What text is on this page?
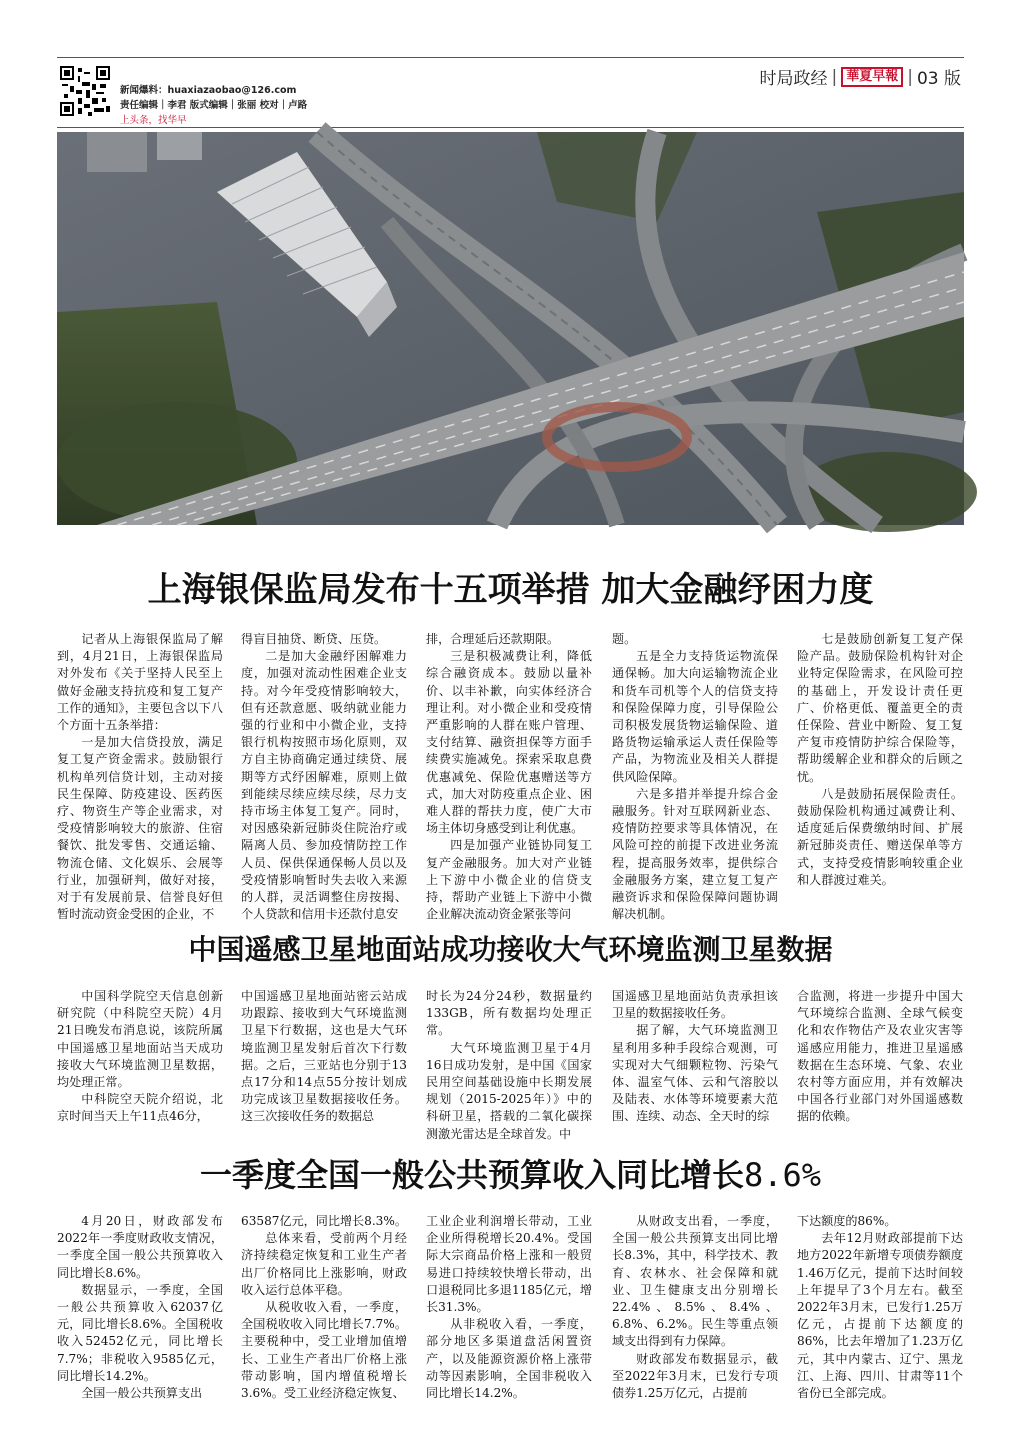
新闻爆料：huaxiazaobao@126.com
责任编辑｜李君 版式编辑｜张丽 校对｜卢路
上头条，找华早
时局政经 | 華夏早報 | 03 版
上海银保监局发布十五项举措 加大金融纾困力度

记者从上海银保监局了解到，4月21日，上海银保监局对外发布《关于坚持人民至上 做好金融支持抗疫和复工复产工作的通知》，主要包含以下八个方面十五条举措：

一是加大信贷投放，满足复工复产资金需求。鼓励银行机构单列信贷计划，主动对接民生保障、防疫建设、医药医疗、物资生产等企业需求，对受疫情影响较大的旅游、住宿餐饮、批发零售、交通运输、物流仓储、文化娱乐、会展等行业，加强研判，做好对接，对于有发展前景、信誉良好但暂时流动资金受困的企业，不

得盲目抽贷、断贷、压贷。

二是加大金融纾困解难力度，加强对流动性困难企业支持。对今年受疫情影响较大，但有还款意愿、吸纳就业能力强的行业和中小微企业，支持银行机构按照市场化原则，双方自主协商确定通过续贷、展期等方式纾困解难，原则上做到能续尽续应续尽续，尽力支持市场主体复工复产。同时，对因感染新冠肺炎住院治疗或隔离人员、参加疫情防控工作人员、保供保通保畅人员以及受疫情影响暂时失去收入来源的人群，灵活调整住房按揭、个人贷款和信用卡还款付息安

排，合理延后还款期限。

三是积极减费让利，降低综合融资成本。鼓励以量补价、以丰补歉，向实体经济合理让利。对小微企业和受疫情严重影响的人群在账户管理、支付结算、融资担保等方面手续费实施减免。探索采取息费优惠减免、保险优惠赠送等方式，加大对防疫重点企业、困难人群的帮扶力度，使广大市场主体切身感受到让利优惠。

四是加强产业链协同复工复产金融服务。加大对产业链上下游中小微企业的信贷支持，帮助产业链上下游中小微企业解决流动资金紧张等问

题。

五是全力支持货运物流保通保畅。加大向运输物流企业和货车司机等个人的信贷支持和保险保障力度，引导保险公司积极发展货物运输保险、道路货物运输承运人责任保险等产品，为物流业及相关人群提供风险保障。

六是多措并举提升综合金融服务。针对互联网新业态、疫情防控要求等具体情况，在风险可控的前提下改进业务流程，提高服务效率，提供综合金融服务方案，建立复工复产融资诉求和保险保障问题协调解决机制。

七是鼓励创新复工复产保险产品。鼓励保险机构针对企业特定保险需求，在风险可控的基础上，开发设计责任更广、价格更低、覆盖更全的责任保险、营业中断险、复工复产复市疫情防护综合保险等，帮助缓解企业和群众的后顾之忧。

八是鼓励拓展保险责任。鼓励保险机构通过减费让利、适度延后保费缴纳时间、扩展新冠肺炎责任、赠送保单等方式，支持受疫情影响较重企业和人群渡过难关。

中国遥感卫星地面站成功接收大气环境监测卫星数据

中国科学院空天信息创新研究院（中科院空天院）4月21日晚发布消息说，该院所属中国遥感卫星地面站当天成功接收大气环境监测卫星数据，均处理正常。

中科院空天院介绍说，北京时间当天上午11点46分，

中国遥感卫星地面站密云站成功跟踪、接收到大气环境监测卫星下行数据，这也是大气环境监测卫星发射后首次下行数据。之后，三亚站也分别于13点17分和14点55分按计划成功完成该卫星数据接收任务。这三次接收任务的数据总

时长为24分24秒，数据量约133GB，所有数据均处理正常。

大气环境监测卫星于4月16日成功发射，是中国《国家民用空间基础设施中长期发展规划（2015-2025年）》中的科研卫星，搭载的二氧化碳探测激光雷达是全球首发。中

国遥感卫星地面站负责承担该卫星的数据接收任务。

据了解，大气环境监测卫星利用多种手段综合观测，可实现对大气细颗粒物、污染气体、温室气体、云和气溶胶以及陆表、水体等环境要素大范围、连续、动态、全天时的综

合监测，将进一步提升中国大气环境综合监测、全球气候变化和农作物估产及农业灾害等遥感应用能力，推进卫星遥感数据在生态环境、气象、农业农村等方面应用，并有效解决中国各行业部门对外国遥感数据的依赖。

一季度全国一般公共预算收入同比增长8.6%

4月20日，财政部发布2022年一季度财政收支情况，一季度全国一般公共预算收入同比增长8.6%。

数据显示，一季度，全国一般公共预算收入62037亿元，同比增长8.6%。全国税收收入52452亿元，同比增长7.7%；非税收入9585亿元，同比增长14.2%。

全国一般公共预算支出

63587亿元，同比增长8.3%。

总体来看，受前两个月经济持续稳定恢复和工业生产者出厂价格同比上涨影响，财政收入运行总体平稳。

从税收收入看，一季度，全国税收收入同比增长7.7%。主要税种中，受工业增加值增长、工业生产者出厂价格上涨带动影响，国内增值税增长3.6%。受工业经济稳定恢复、

工业企业利润增长带动，工业企业所得税增长20.4%。受国际大宗商品价格上涨和一般贸易进口持续较快增长带动，出口退税同比多退1185亿元，增长31.3%。

从非税收入看，一季度，部分地区多渠道盘活闲置资产，以及能源资源价格上涨带动等因素影响，全国非税收入同比增长14.2%。

从财政支出看，一季度，全国一般公共预算支出同比增长8.3%，其中，科学技术、教育、农林水、社会保障和就业、卫生健康支出分别增长22.4%、8.5%、8.4%、6.8%、6.2%。民生等重点领域支出得到有力保障。

财政部发布数据显示，截至2022年3月末，已发行专项债券1.25万亿元，占提前

下达额度的86%。

去年12月财政部提前下达地方2022年新增专项债券额度1.46万亿元，提前下达时间较上年提早了3个月左右。截至2022年3月末，已发行1.25万亿元，占提前下达额度的86%，比去年增加了1.23万亿元，其中内蒙古、辽宁、黑龙江、上海、四川、甘肃等11个省份已全部完成。
